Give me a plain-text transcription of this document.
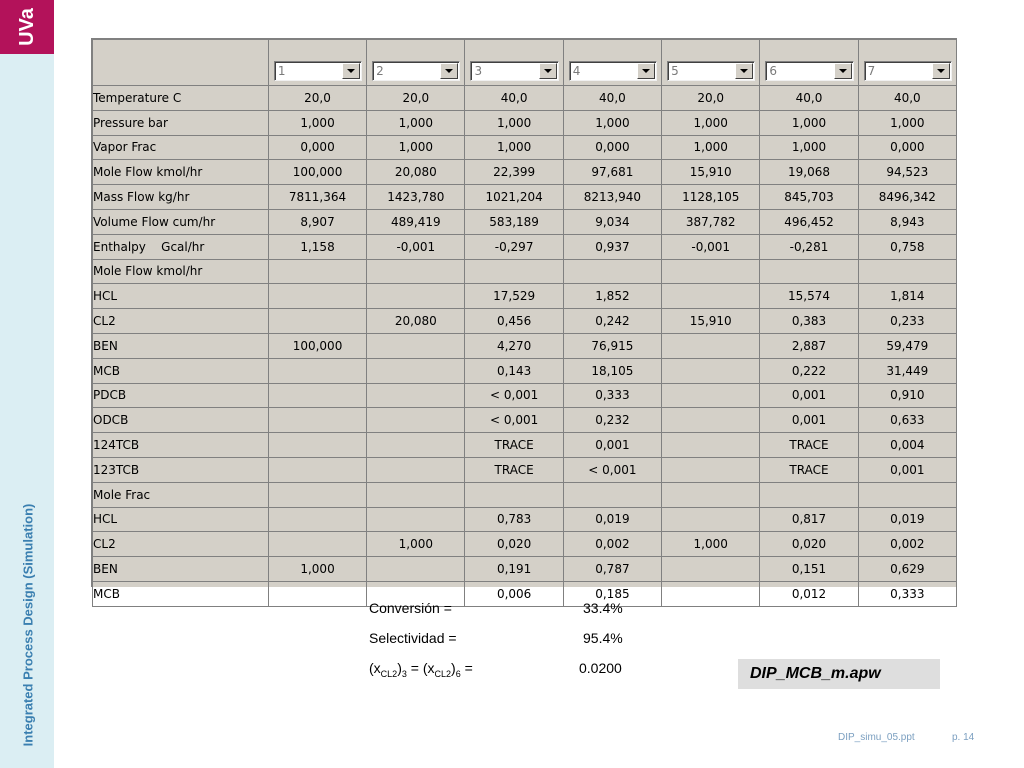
UVa
Integrated Process Design (Simulation)

	1	2	3	4	5	6	7

Temperature C	20,0	20,0	40,0	40,0	20,0	40,0	40,0
Pressure bar	1,000	1,000	1,000	1,000	1,000	1,000	1,000
Vapor Frac	0,000	1,000	1,000	0,000	1,000	1,000	0,000
Mole Flow kmol/hr	100,000	20,080	22,399	97,681	15,910	19,068	94,523
Mass Flow kg/hr	7811,364	1423,780	1021,204	8213,940	1128,105	845,703	8496,342
Volume Flow cum/hr	8,907	489,419	583,189	9,034	387,782	496,452	8,943
Enthalpy    Gcal/hr	1,158	-0,001	-0,297	0,937	-0,001	-0,281	0,758
Mole Flow kmol/hr							
HCL			17,529	1,852		15,574	1,814
CL2		20,080	0,456	0,242	15,910	0,383	0,233
BEN	100,000		4,270	76,915		2,887	59,479
MCB			0,143	18,105		0,222	31,449
PDCB			< 0,001	0,333		0,001	0,910
ODCB			< 0,001	0,232		0,001	0,633
124TCB			TRACE	0,001		TRACE	0,004
123TCB			TRACE	< 0,001		TRACE	0,001
Mole Frac							
HCL			0,783	0,019		0,817	0,019
CL2		1,000	0,020	0,002	1,000	0,020	0,002
BEN	1,000		0,191	0,787		0,151	0,629
MCB			0,006	0,185		0,012	0,333
Conversión =	33.4%
Selectividad =	95.4%
$(x_{CL2})_3 = (x_{CL2})_6$ =	0.0200	DIP_MCB_m.apw
DIP_simu_05.ppt	p. 14
